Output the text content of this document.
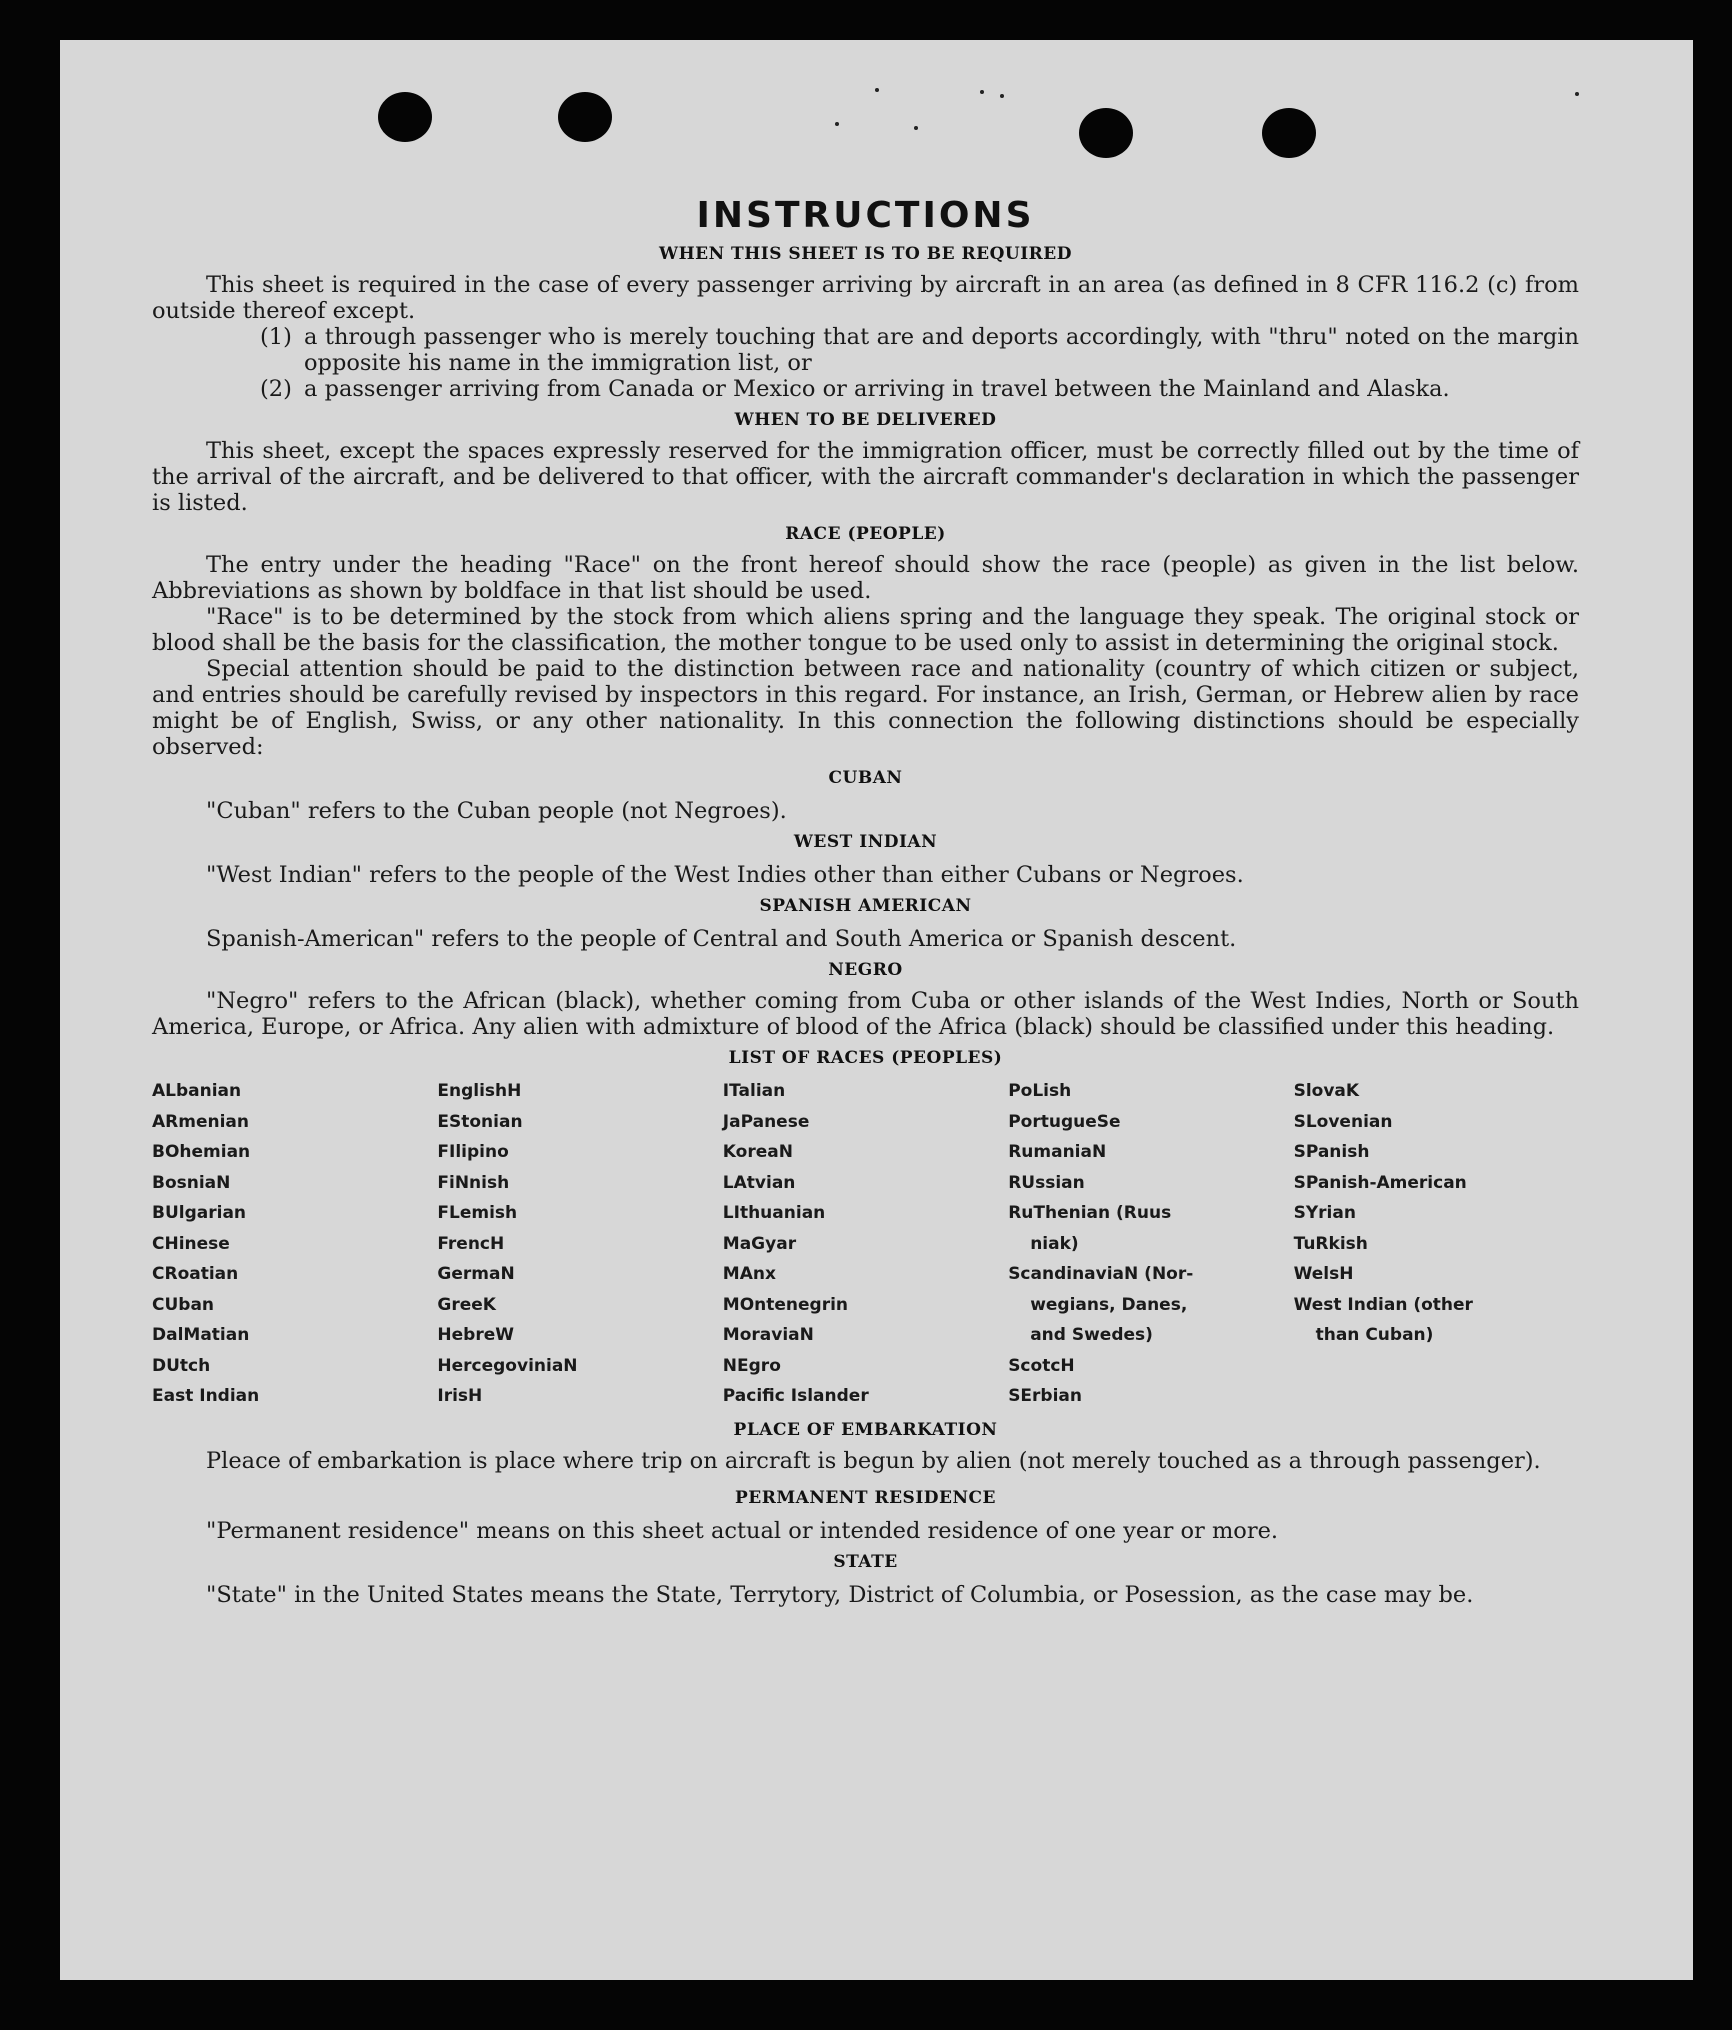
INSTRUCTIONS
WHEN THIS SHEET IS TO BE REQUIRED

This sheet is required in the case of every passenger arriving by aircraft in an area (as defined in 8 CFR 116.2 (c) from outside thereof except.

(1) a through passenger who is merely touching that are and deports accordingly, with "thru" noted on the margin opposite his name in the immigration list, or
(2) a passenger arriving from Canada or Mexico or arriving in travel between the Mainland and Alaska.
WHEN TO BE DELIVERED

This sheet, except the spaces expressly reserved for the immigration officer, must be correctly filled out by the time of the arrival of the aircraft, and be delivered to that officer, with the aircraft commander's declaration in which the passenger is listed.

RACE (PEOPLE)

The entry under the heading "Race" on the front hereof should show the race (people) as given in the list below. Abbreviations as shown by boldface in that list should be used.

"Race" is to be determined by the stock from which aliens spring and the language they speak. The original stock or blood shall be the basis for the classification, the mother tongue to be used only to assist in determining the original stock.

Special attention should be paid to the distinction between race and nationality (country of which citizen or subject, and entries should be carefully revised by inspectors in this regard. For instance, an Irish, German, or Hebrew alien by race might be of English, Swiss, or any other nationality. In this connection the following distinctions should be especially observed:

CUBAN

"Cuban" refers to the Cuban people (not Negroes).

WEST INDIAN

"West Indian" refers to the people of the West Indies other than either Cubans or Negroes.

SPANISH AMERICAN

Spanish-American" refers to the people of Central and South America or Spanish descent.

NEGRO

"Negro" refers to the African (black), whether coming from Cuba or other islands of the West Indies, North or South America, Europe, or Africa. Any alien with admixture of blood of the Africa (black) should be classified under this heading.

LIST OF RACES (PEOPLES)
ALbanian
ARmenian
BOhemian
BosniaN
BUlgarian
CHinese
CRoatian
CUban
DalMatian
DUtch
East Indian
EnglishH
EStonian
FIlipino
FiNnish
FLemish
FrencH
GermaN
GreeK
HebreW
HercegoviniaN
IrisH
ITalian
JaPanese
KoreaN
LAtvian
LIthuanian
MaGyar
MAnx
MOntenegrin
MoraviaN
NEgro
Pacific Islander
PoLish
PortugueSe
RumaniaN
RUssian
RuThenian (Ruus
niak)
ScandinaviaN (Nor-
wegians, Danes,
and Swedes)
ScotcH
SErbian
SlovaK
SLovenian
SPanish
SPanish-American
SYrian
TuRkish
WelsH
West Indian (other
than Cuban)
PLACE OF EMBARKATION

Pleace of embarkation is place where trip on aircraft is begun by alien (not merely touched as a through passenger).

PERMANENT RESIDENCE

"Permanent residence" means on this sheet actual or intended residence of one year or more.

STATE

"State" in the United States means the State, Terrytory, District of Columbia, or Posession, as the case may be.
